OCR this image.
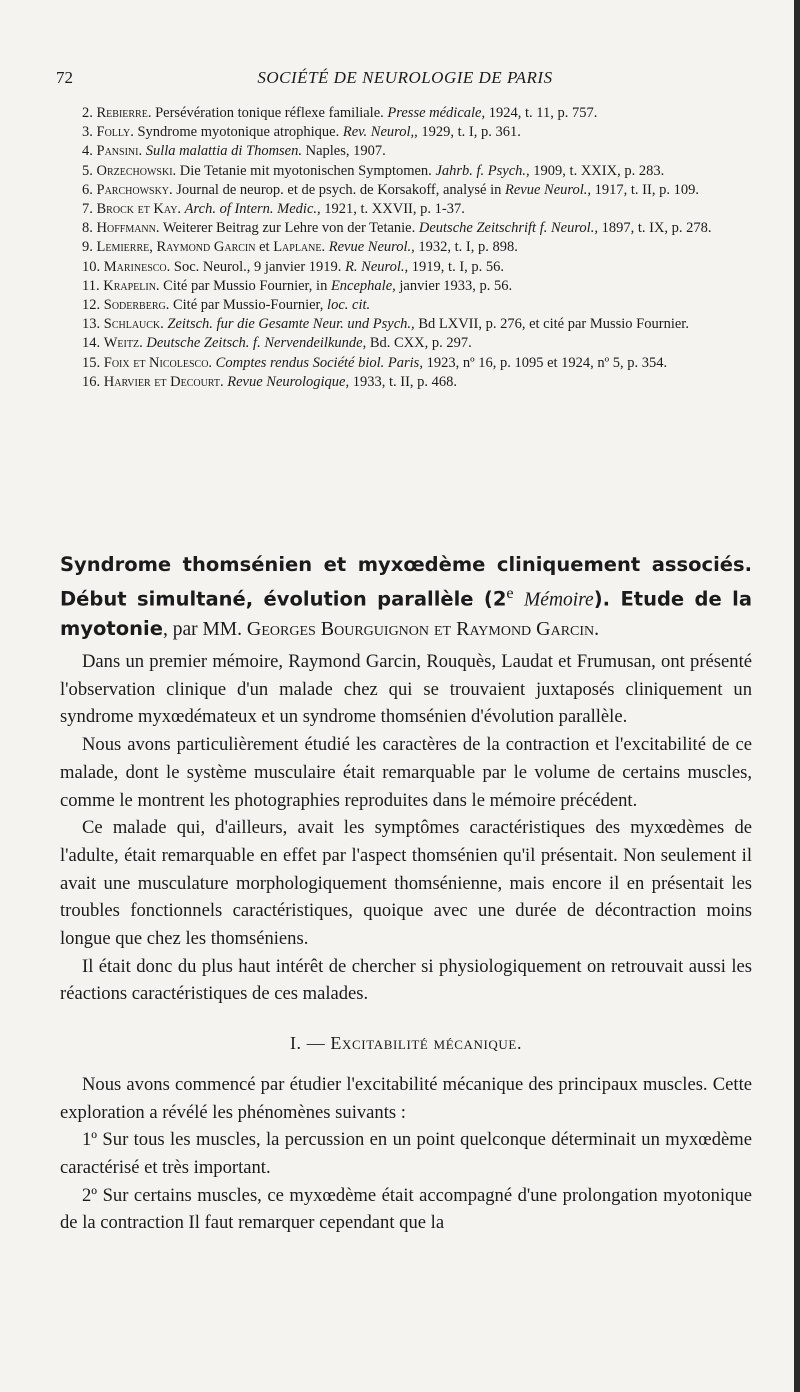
72	SOCIÉTÉ DE NEUROLOGIE DE PARIS

2. Rebierre. Persévération tonique réflexe familiale. Presse médicale, 1924, t. 11, p. 757.

3. Folly. Syndrome myotonique atrophique. Rev. Neurol,, 1929, t. I, p. 361.

4. Pansini. Sulla malattia di Thomsen. Naples, 1907.

5. Orzechowski. Die Tetanie mit myotonischen Symptomen. Jahrb. f. Psych., 1909, t. XXIX, p. 283.

6. Parchowsky. Journal de neurop. et de psych. de Korsakoff, analysé in Revue Neurol., 1917, t. II, p. 109.

7. Brock et Kay. Arch. of Intern. Medic., 1921, t. XXVII, p. 1-37.

8. Hoffmann. Weiterer Beitrag zur Lehre von der Tetanie. Deutsche Zeitschrift f. Neurol., 1897, t. IX, p. 278.

9. Lemierre, Raymond Garcin et Laplane. Revue Neurol., 1932, t. I, p. 898.

10. Marinesco. Soc. Neurol., 9 janvier 1919. R. Neurol., 1919, t. I, p. 56.

11. Krapelin. Cité par Mussio Fournier, in Encephale, janvier 1933, p. 56.

12. Soderberg. Cité par Mussio-Fournier, loc. cit.

13. Schlauck. Zeitsch. fur die Gesamte Neur. und Psych., Bd LXVII, p. 276, et cité par Mussio Fournier.

14. Weitz. Deutsche Zeitsch. f. Nervendeilkunde, Bd. CXX, p. 297.

15. Foix et Nicolesco. Comptes rendus Société biol. Paris, 1923, nº 16, p. 1095 et 1924, nº 5, p. 354.

16. Harvier et Decourt. Revue Neurologique, 1933, t. II, p. 468.

Syndrome thomsénien et myxœdème cliniquement associés. Début simultané, évolution parallèle (2e Mémoire). Etude de la myotonie, par MM. Georges Bourguignon et Raymond Garcin.

Dans un premier mémoire, Raymond Garcin, Rouquès, Laudat et Frumusan, ont présenté l'observation clinique d'un malade chez qui se trouvaient juxtaposés cliniquement un syndrome myxœdémateux et un syndrome thomsénien d'évolution parallèle.

Nous avons particulièrement étudié les caractères de la contraction et l'excitabilité de ce malade, dont le système musculaire était remarquable par le volume de certains muscles, comme le montrent les photographies reproduites dans le mémoire précédent.

Ce malade qui, d'ailleurs, avait les symptômes caractéristiques des myxœdèmes de l'adulte, était remarquable en effet par l'aspect thomsénien qu'il présentait. Non seulement il avait une musculature morphologiquement thomsénienne, mais encore il en présentait les troubles fonctionnels caractéristiques, quoique avec une durée de décontraction moins longue que chez les thomséniens.

Il était donc du plus haut intérêt de chercher si physiologiquement on retrouvait aussi les réactions caractéristiques de ces malades.

I. — Excitabilité mécanique.

Nous avons commencé par étudier l'excitabilité mécanique des principaux muscles. Cette exploration a révélé les phénomènes suivants :

1º Sur tous les muscles, la percussion en un point quelconque déterminait un myxœdème caractérisé et très important.

2º Sur certains muscles, ce myxœdème était accompagné d'une prolongation myotonique de la contraction Il faut remarquer cependant que la
